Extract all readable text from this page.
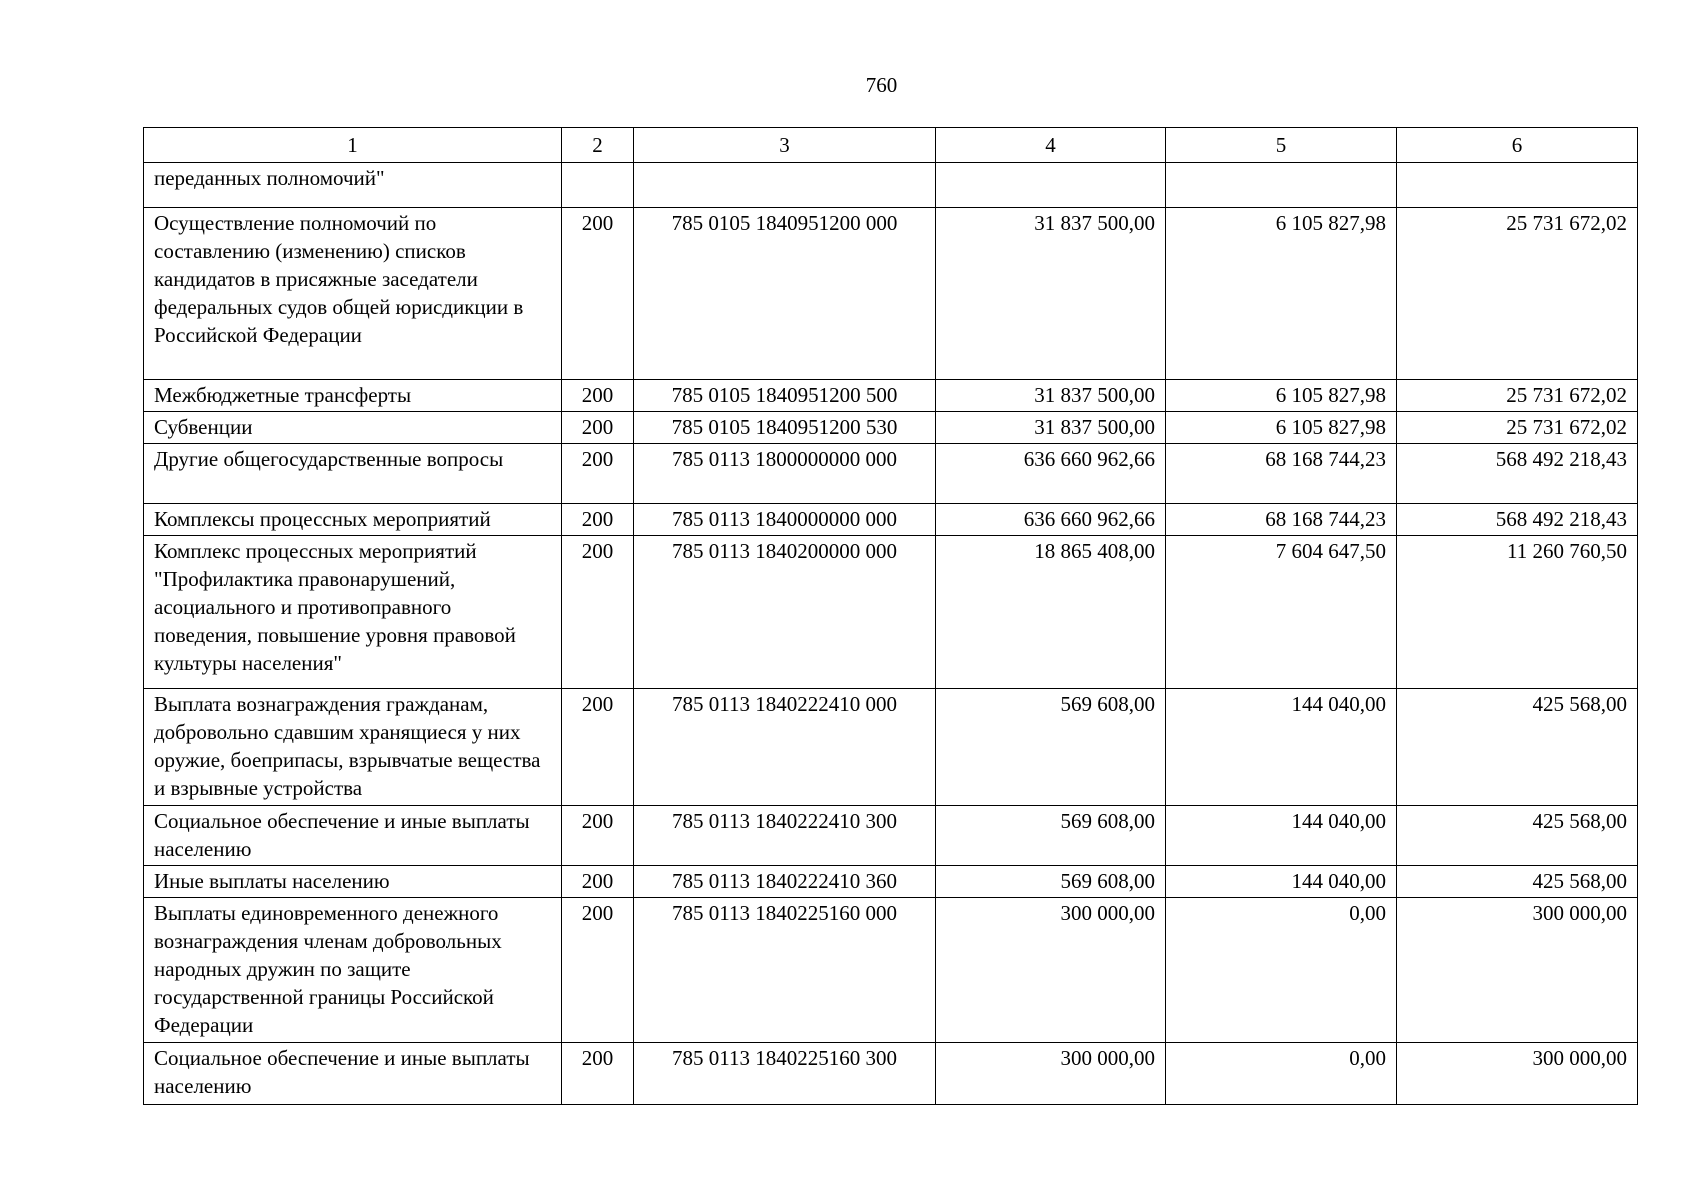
760
1	2	3	4	5	6
переданных полномочий"					
Осуществление полномочий по составлению (изменению) списков кандидатов в присяжные заседатели федеральных судов общей юрисдикции в Российской Федерации	200	785 0105 1840951200 000	31 837 500,00	6 105 827,98	25 731 672,02
Межбюджетные трансферты	200	785 0105 1840951200 500	31 837 500,00	6 105 827,98	25 731 672,02
Субвенции	200	785 0105 1840951200 530	31 837 500,00	6 105 827,98	25 731 672,02
Другие общегосударственные вопросы	200	785 0113 1800000000 000	636 660 962,66	68 168 744,23	568 492 218,43
Комплексы процессных мероприятий	200	785 0113 1840000000 000	636 660 962,66	68 168 744,23	568 492 218,43
Комплекс процессных мероприятий "Профилактика правонарушений, асоциального и противоправного поведения, повышение уровня правовой культуры населения"	200	785 0113 1840200000 000	18 865 408,00	7 604 647,50	11 260 760,50
Выплата вознаграждения гражданам, добровольно сдавшим хранящиеся у них оружие, боеприпасы, взрывчатые вещества и взрывные устройства	200	785 0113 1840222410 000	569 608,00	144 040,00	425 568,00
Социальное обеспечение и иные выплаты населению	200	785 0113 1840222410 300	569 608,00	144 040,00	425 568,00
Иные выплаты населению	200	785 0113 1840222410 360	569 608,00	144 040,00	425 568,00
Выплаты единовременного денежного вознаграждения членам добровольных народных дружин по защите государственной границы Российской Федерации	200	785 0113 1840225160 000	300 000,00	0,00	300 000,00
Социальное обеспечение и иные выплаты населению	200	785 0113 1840225160 300	300 000,00	0,00	300 000,00
